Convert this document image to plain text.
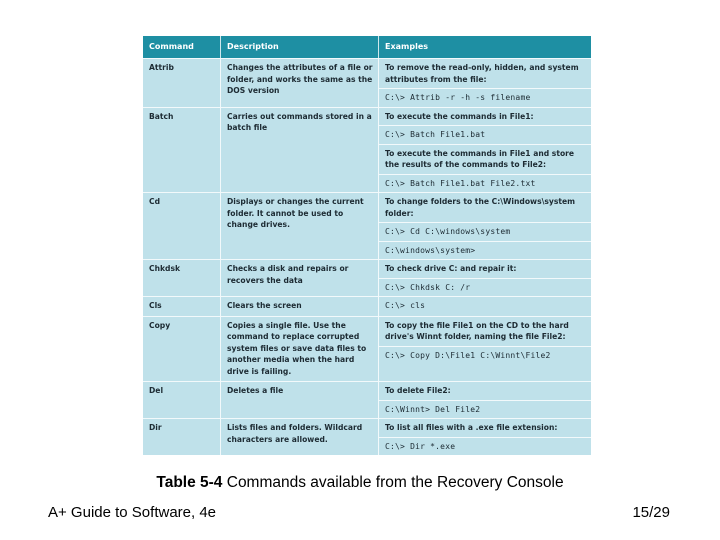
Command	Description	Examples
Attrib	Changes the attributes of a file or folder, and works the same as the DOS version	To remove the read-only, hidden, and system attributes from the file:
C:\> Attrib -r -h -s filename

Batch	Carries out commands stored in a batch file	To execute the commands in File1:
C:\> Batch File1.bat
To execute the commands in File1 and store the results of the commands to File2:
C:\> Batch File1.bat File2.txt

Cd	Displays or changes the current folder. It cannot be used to change drives.	To change folders to the C:\Windows\system folder:
C:\> Cd C:\windows\system
C:\windows\system>

Chkdsk	Checks a disk and repairs or recovers the data	To check drive C: and repair it:
C:\> Chkdsk C: /r

Cls	Clears the screen	C:\> cls

Copy	Copies a single file. Use the command to replace corrupted system files or save data files to another media when the hard drive is failing.	To copy the file File1 on the CD to the hard drive's Winnt folder, naming the file File2:
C:\> Copy D:\File1 C:\Winnt\File2

Del	Deletes a file	To delete File2:
C:\Winnt> Del File2

Dir	Lists files and folders. Wildcard characters are allowed.	To list all files with a .exe file extension:
C:\> Dir *.exe
Table 5-4 Commands available from the Recovery Console
A+ Guide to Software, 4e	15/29
